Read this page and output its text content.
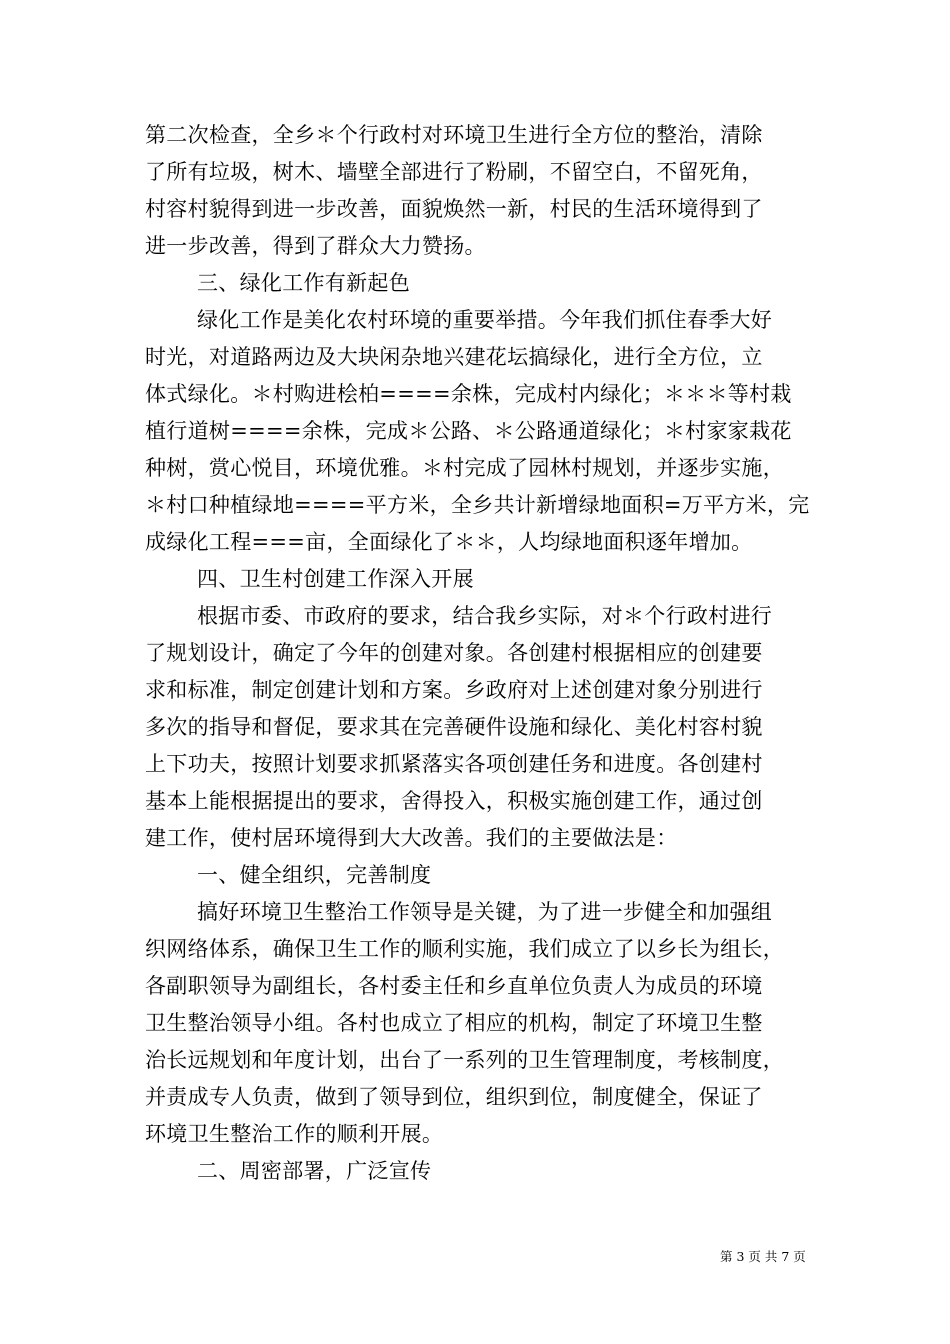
第二次检查，全乡＊个行政村对环境卫生进行全方位的整治，清除
了所有垃圾，树木、墙壁全部进行了粉刷，不留空白，不留死角，
村容村貌得到进一步改善，面貌焕然一新，村民的生活环境得到了
进一步改善，得到了群众大力赞扬。
三、绿化工作有新起色
绿化工作是美化农村环境的重要举措。今年我们抓住春季大好
时光，对道路两边及大块闲杂地兴建花坛搞绿化，进行全方位，立
体式绿化。＊村购进桧柏====余株，完成村内绿化；＊＊＊等村栽
植行道树====余株，完成＊公路、＊公路通道绿化；＊村家家栽花
种树，赏心悦目，环境优雅。＊村完成了园林村规划，并逐步实施，
＊村口种植绿地====平方米，全乡共计新增绿地面积=万平方米，完
成绿化工程===亩，全面绿化了＊＊，人均绿地面积逐年增加。
四、卫生村创建工作深入开展
根据市委、市政府的要求，结合我乡实际，对＊个行政村进行
了规划设计，确定了今年的创建对象。各创建村根据相应的创建要
求和标准，制定创建计划和方案。乡政府对上述创建对象分别进行
多次的指导和督促，要求其在完善硬件设施和绿化、美化村容村貌
上下功夫，按照计划要求抓紧落实各项创建任务和进度。各创建村
基本上能根据提出的要求，舍得投入，积极实施创建工作，通过创
建工作，使村居环境得到大大改善。我们的主要做法是：
一、健全组织，完善制度
搞好环境卫生整治工作领导是关键，为了进一步健全和加强组
织网络体系，确保卫生工作的顺利实施，我们成立了以乡长为组长，
各副职领导为副组长，各村委主任和乡直单位负责人为成员的环境
卫生整治领导小组。各村也成立了相应的机构，制定了环境卫生整
治长远规划和年度计划，出台了一系列的卫生管理制度，考核制度，
并责成专人负责，做到了领导到位，组织到位，制度健全，保证了
环境卫生整治工作的顺利开展。
二、周密部署，广泛宣传
第 3 页 共 7 页
